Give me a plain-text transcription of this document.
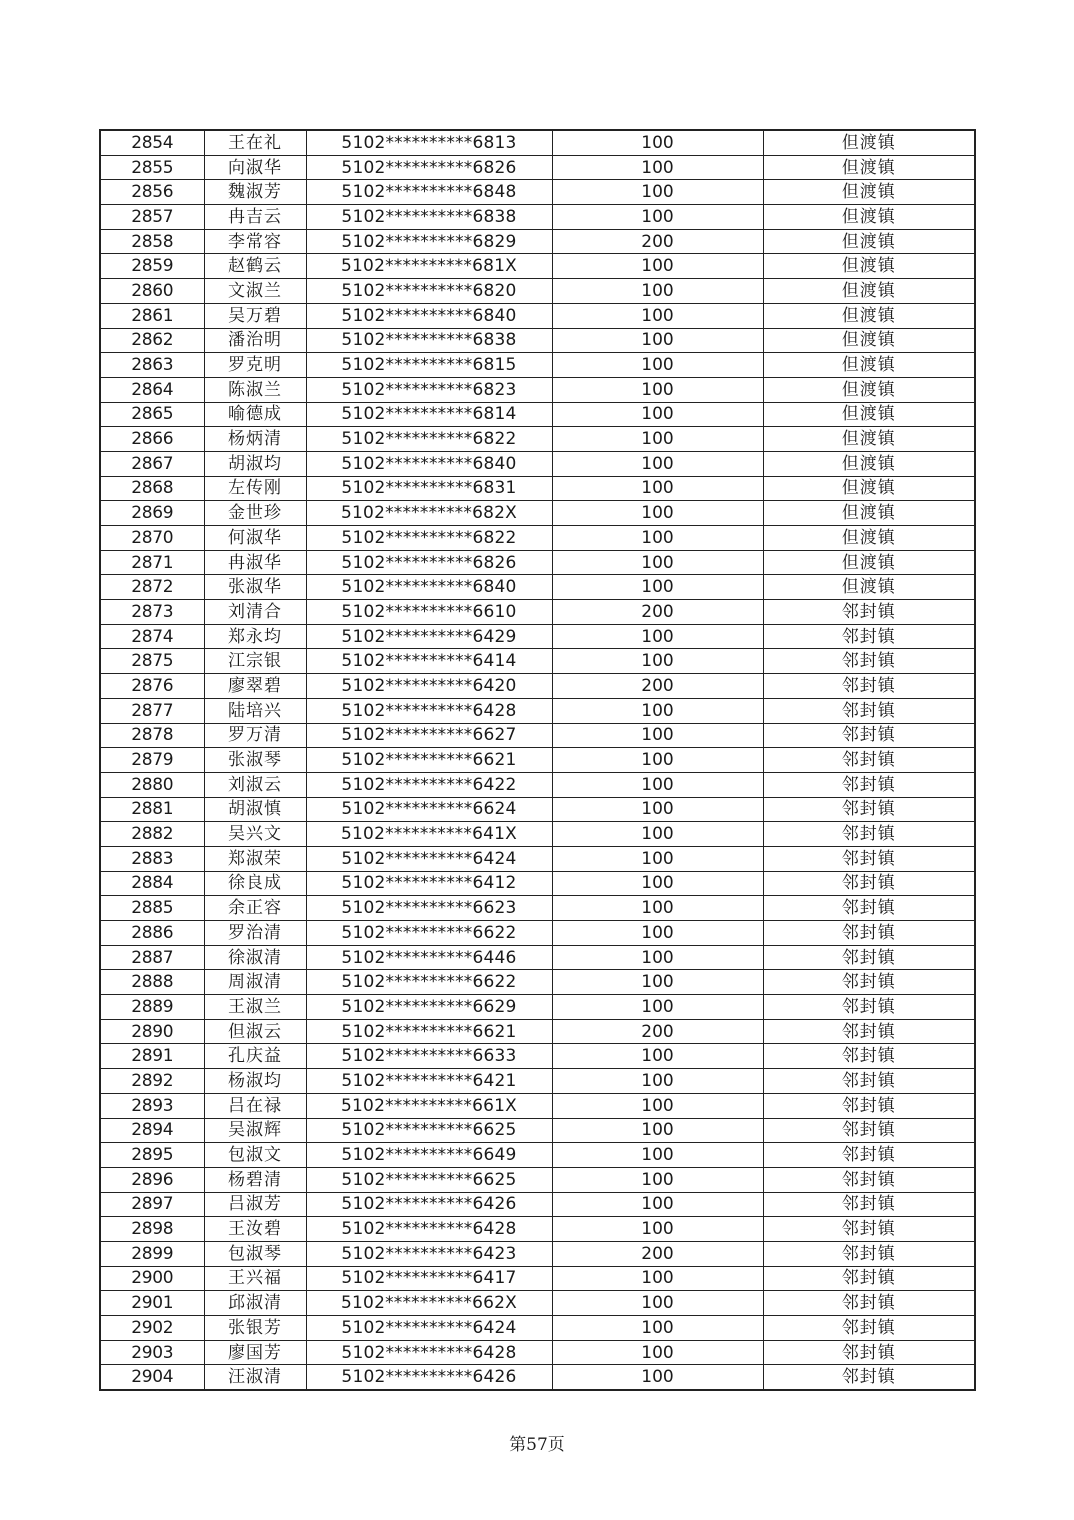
2854	王在礼	5102**********6813	100	但渡镇
2855	向淑华	5102**********6826	100	但渡镇
2856	魏淑芳	5102**********6848	100	但渡镇
2857	冉吉云	5102**********6838	100	但渡镇
2858	李常容	5102**********6829	200	但渡镇
2859	赵鹤云	5102**********681X	100	但渡镇
2860	文淑兰	5102**********6820	100	但渡镇
2861	吴万碧	5102**********6840	100	但渡镇
2862	潘治明	5102**********6838	100	但渡镇
2863	罗克明	5102**********6815	100	但渡镇
2864	陈淑兰	5102**********6823	100	但渡镇
2865	喻德成	5102**********6814	100	但渡镇
2866	杨炳清	5102**********6822	100	但渡镇
2867	胡淑均	5102**********6840	100	但渡镇
2868	左传刚	5102**********6831	100	但渡镇
2869	金世珍	5102**********682X	100	但渡镇
2870	何淑华	5102**********6822	100	但渡镇
2871	冉淑华	5102**********6826	100	但渡镇
2872	张淑华	5102**********6840	100	但渡镇
2873	刘清合	5102**********6610	200	邻封镇
2874	郑永均	5102**********6429	100	邻封镇
2875	江宗银	5102**********6414	100	邻封镇
2876	廖翠碧	5102**********6420	200	邻封镇
2877	陆培兴	5102**********6428	100	邻封镇
2878	罗万清	5102**********6627	100	邻封镇
2879	张淑琴	5102**********6621	100	邻封镇
2880	刘淑云	5102**********6422	100	邻封镇
2881	胡淑慎	5102**********6624	100	邻封镇
2882	吴兴文	5102**********641X	100	邻封镇
2883	郑淑荣	5102**********6424	100	邻封镇
2884	徐良成	5102**********6412	100	邻封镇
2885	余正容	5102**********6623	100	邻封镇
2886	罗治清	5102**********6622	100	邻封镇
2887	徐淑清	5102**********6446	100	邻封镇
2888	周淑清	5102**********6622	100	邻封镇
2889	王淑兰	5102**********6629	100	邻封镇
2890	但淑云	5102**********6621	200	邻封镇
2891	孔庆益	5102**********6633	100	邻封镇
2892	杨淑均	5102**********6421	100	邻封镇
2893	吕在禄	5102**********661X	100	邻封镇
2894	吴淑辉	5102**********6625	100	邻封镇
2895	包淑文	5102**********6649	100	邻封镇
2896	杨碧清	5102**********6625	100	邻封镇
2897	吕淑芳	5102**********6426	100	邻封镇
2898	王汝碧	5102**********6428	100	邻封镇
2899	包淑琴	5102**********6423	200	邻封镇
2900	王兴福	5102**********6417	100	邻封镇
2901	邱淑清	5102**********662X	100	邻封镇
2902	张银芳	5102**********6424	100	邻封镇
2903	廖国芳	5102**********6428	100	邻封镇
2904	汪淑清	5102**********6426	100	邻封镇
第57页
